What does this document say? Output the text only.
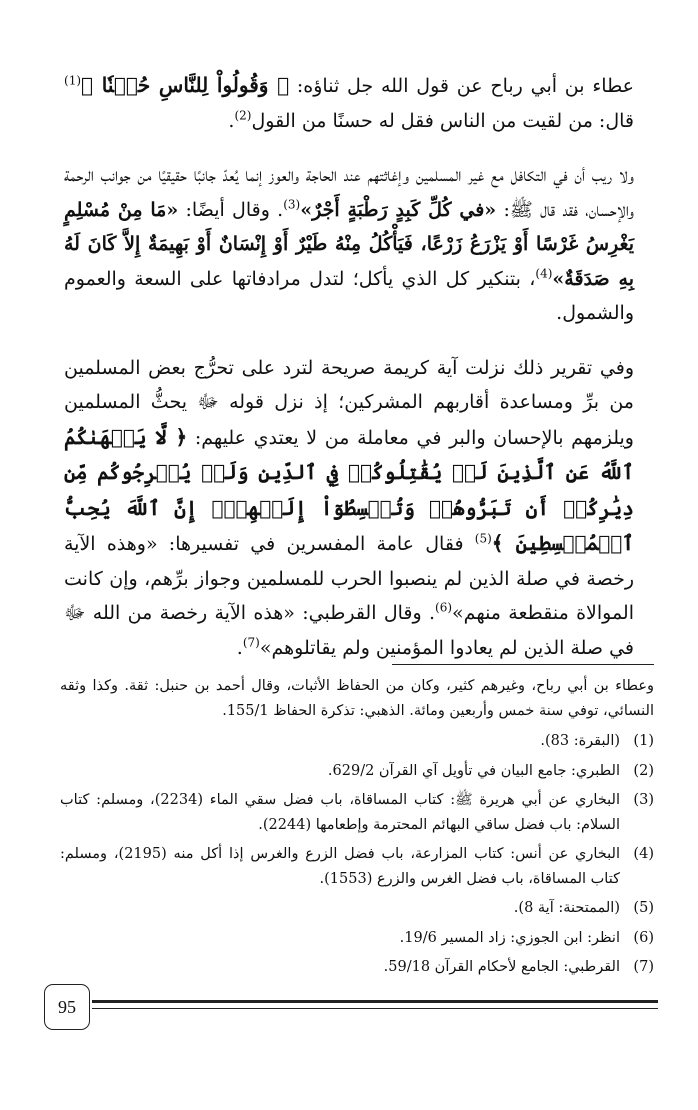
عطاء بن أبي رباح عن قول الله جل ثناؤه: ﴿ وَقُولُواْ لِلنَّاسِ حُسۡنٗا ﴾$^{(1)}$ قال: من لقيت من الناس فقل له حسنًا من القول$^{(2)}$.

ولا ريب أن في التكافل مع غير المسلمين وإغاثتهم عند الحاجة والعوز إنما يُعدّ جانبًا حقيقيًا من جوانب الرحمة والإحسان، فقد قال ﷺ: «في كُلِّ كَبِدٍ رَطْبَةٍ أَجْرٌ»$^{(3)}$. وقال أيضًا: «مَا مِنْ مُسْلِمٍ يَغْرِسُ غَرْسًا أَوْ يَزْرَعُ زَرْعًا، فَيَأْكُلُ مِنْهُ طَيْرٌ أَوْ إِنْسَانٌ أَوْ بَهِيمَةٌ إِلاَّ كَانَ لَهُ بِهِ صَدَقَةٌ»$^{(4)}$، بتنكير كل الذي يأكل؛ لتدل مرادفاتها على السعة والعموم والشمول.

وفي تقرير ذلك نزلت آية كريمة صريحة لترد على تحرُّج بعض المسلمين من برِّ ومساعدة أقاربهم المشركين؛ إذ نزل قوله ﷻ يحثُّ المسلمين ويلزمهم بالإحسان والبر في معاملة من لا يعتدي عليهم: ﴿ لَّا يَنۡهَىٰكُمُ ٱللَّهُ عَنِ ٱلَّذِينَ لَمۡ يُقَٰتِلُوكُمۡ فِي ٱلدِّينِ وَلَمۡ يُخۡرِجُوكُم مِّن دِيَٰرِكُمۡ أَن تَبَرُّوهُمۡ وَتُقۡسِطُوٓاْ إِلَيۡهِمۡۚ إِنَّ ٱللَّهَ يُحِبُّ ٱلۡمُقۡسِطِينَ ﴾$^{(5)}$ فقال عامة المفسرين في تفسيرها: «وهذه الآية رخصة في صلة الذين لم ينصبوا الحرب للمسلمين وجواز برِّهم، وإن كانت الموالاة منقطعة منهم»$^{(6)}$. وقال القرطبي: «هذه الآية رخصة من الله ﷻ في صلة الذين لم يعادوا المؤمنين ولم يقاتلوهم»$^{(7)}$.

وعطاء بن أبي رباح، وغيرهم كثير، وكان من الحفاظ الأثبات، وقال أحمد بن حنبل: ثقة. وكذا وثقه النسائي، توفي سنة خمس وأربعين ومائة. الذهبي: تذكرة الحفاظ 155/1.

(1)
(البقرة: 83).
(2)
الطبري: جامع البيان في تأويل آي القرآن 629/2.
(3)
البخاري عن أبي هريرة ﷺ: كتاب المساقاة، باب فضل سقي الماء (2234)، ومسلم: كتاب السلام: باب فضل ساقي البهائم المحترمة وإطعامها (2244).
(4)
البخاري عن أنس: كتاب المزارعة، باب فضل الزرع والغرس إذا أكل منه (2195)، ومسلم: كتاب المساقاة، باب فضل الغرس والزرع (1553).
(5)
(الممتحنة: آية 8).
(6)
انظر: ابن الجوزي: زاد المسير 19/6.
(7)
القرطبي: الجامع لأحكام القرآن 59/18.
95
